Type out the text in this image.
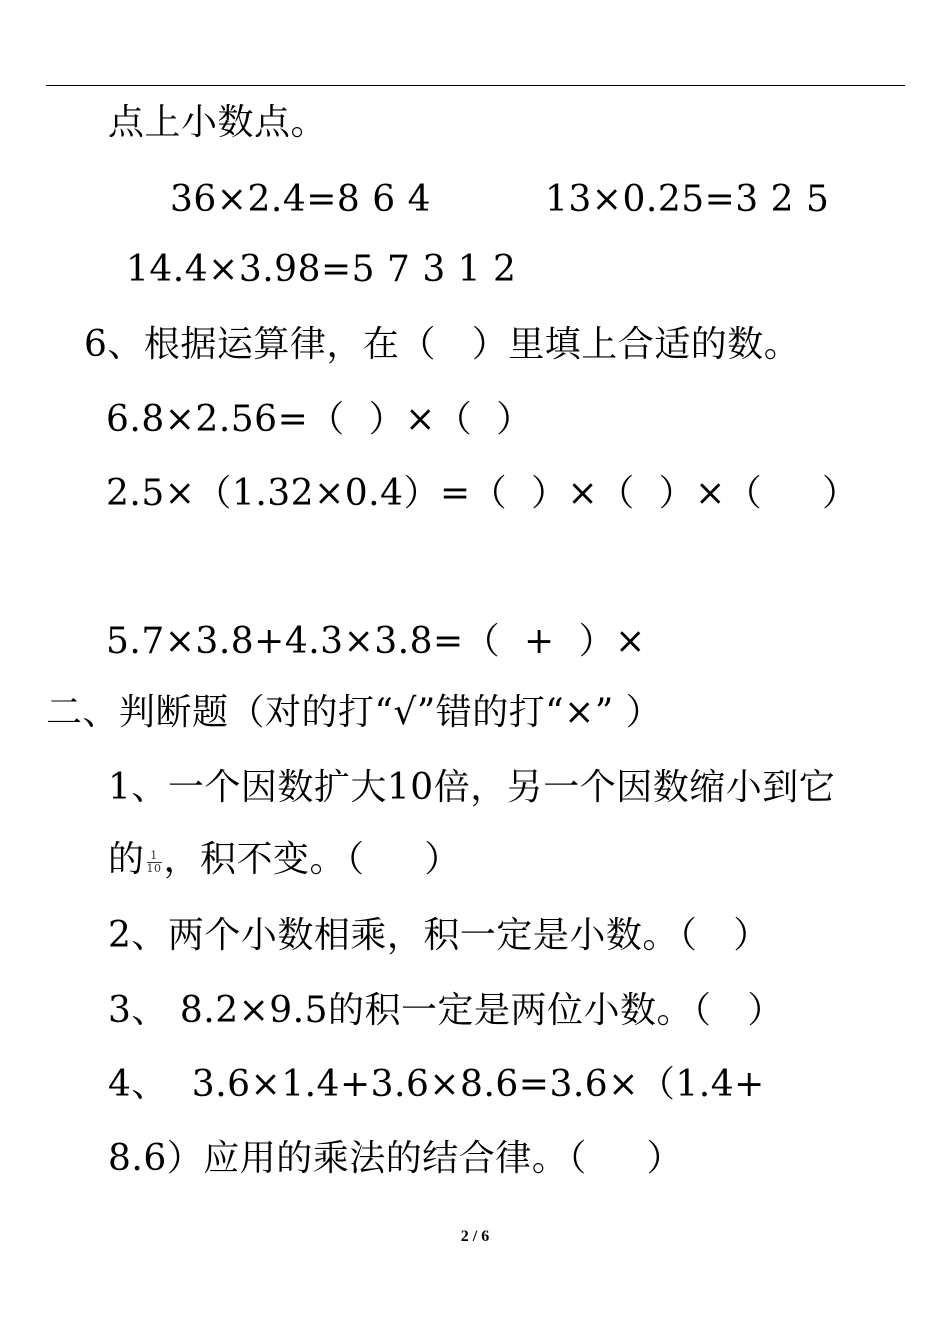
点上小数点。
36×2.4=8 6 4	13×0.25=3 2 5
14.4×3.98=5 7 3 1 2
6、根据运算律，在（   ）里填上合适的数。
6.8×2.56=（  ）×（  ）
2.5×（1.32×0.4）=（  ）×（  ）×（     ）
5.7×3.8+4.3×3.8=（  +  ）×
二、判断题（对的打“√”错的打“×” ）
1、一个因数扩大10倍，另一个因数缩小到它
的 $\frac{1}{10}$ ，积不变。（     ）
2、两个小数相乘，积一定是小数。（   ）
3、 8.2×9.5的积一定是两位小数。（   ）
4、  3.6×1.4+3.6×8.6=3.6×（1.4+
8.6）应用的乘法的结合律。（     ）
2 / 6
